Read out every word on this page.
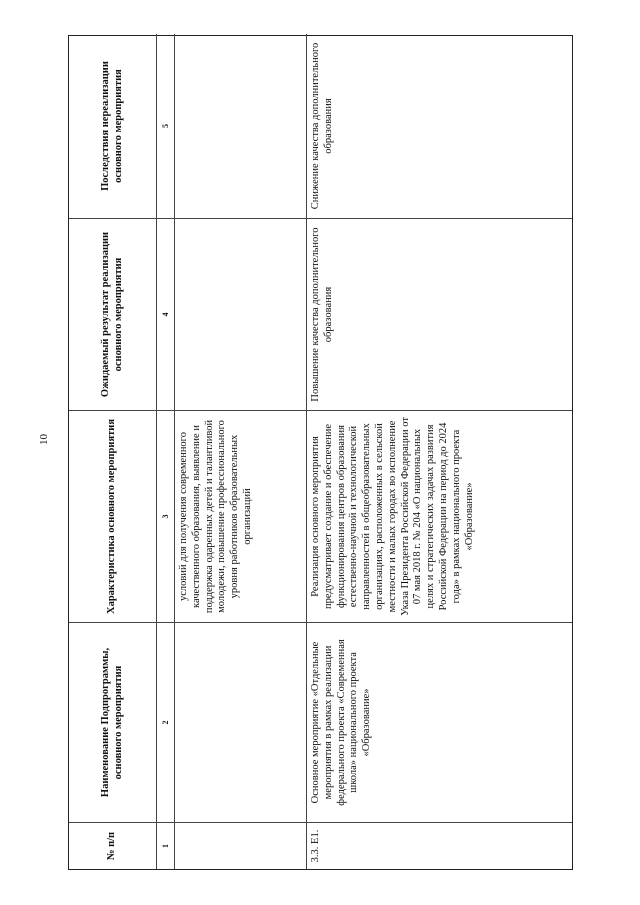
10
№ п/п
Наименование Подпрограммы, основного мероприятия
Характеристика основного мероприятия
Ожидаемый результат реализации основного мероприятия
Последствия нереализации основного мероприятия
1
2
3
4
5
условий для получения современного качественного образования, выявление и поддержка одаренных детей и талантливой молодежи, повышение профессионального уровня работников образовательных организаций
3.3. Е1.
Основное мероприятие «Отдельные мероприятия в рамках реализации федерального проекта «Современная школа» национального проекта «Образование»
Реализация основного мероприятия предусматривает создание и обеспечение функционирования центров образования естественно-научной и технологической направленностей в общеобразовательных организациях, расположенных в сельской местности и малых городах во исполнение Указа Президента Российской Федерации от 07 мая 2018 г. № 204 «О национальных целях и стратегических задачах развития Российской Федерации на период до 2024 года» в рамках национального проекта «Образование»
Повышение качества дополнительного образования
Снижение качества дополнительного образования
